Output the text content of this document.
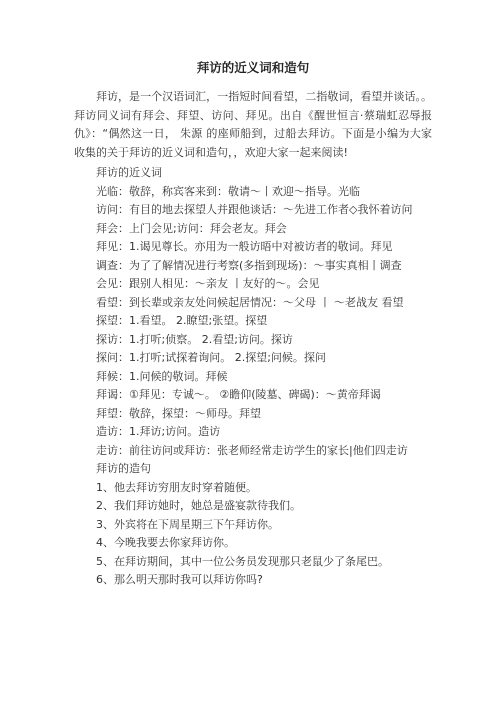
拜访的近义词和造句

拜访，是一个汉语词汇，一指短时间看望，二指敬词，看望并谈话。。拜访同义词有拜会、拜望、访问、拜见。出自《醒世恒言·蔡瑞虹忍辱报仇》：“偶然这一日， 朱源 的座师船到，过船去拜访。下面是小编为大家收集的关于拜访的近义词和造句，，欢迎大家一起来阅读!

拜访的近义词

光临：敬辞，称宾客来到：敬请～丨欢迎～指导。光临

访问：有目的地去探望人并跟他谈话：～先进工作者◇我怀着访问

拜会：上门会见;访问：拜会老友。拜会

拜见：1.谒见尊长。亦用为一般访晤中对被访者的敬词。拜见

调查：为了了解情况进行考察(多指到现场)：～事实真相丨调查

会见：跟别人相见：～亲友 丨友好的～。会见

看望：到长辈或亲友处问候起居情况：～父母 丨 ～老战友 看望

探望：1.看望。 2.瞭望;张望。探望

探访：1.打听;侦察。 2.看望;访问。探访

探问：1.打听;试探着询问。 2.探望;问候。探问

拜候：1.问候的敬词。拜候

拜谒：①拜见：专诚～。 ②瞻仰(陵墓、碑碣)：～黄帝拜谒

拜望：敬辞，探望：～师母。拜望

造访：1.拜访;访问。造访

走访：前往访问或拜访：张老师经常走访学生的家长|他们四走访

拜访的造句

1、他去拜访穷朋友时穿着随便。

2、我们拜访她时，她总是盛宴款待我们。

3、外宾将在下周星期三下午拜访你。

4、今晚我要去你家拜访你。

5、在拜访期间，其中一位公务员发现那只老鼠少了条尾巴。

6、那么明天那时我可以拜访你吗?
